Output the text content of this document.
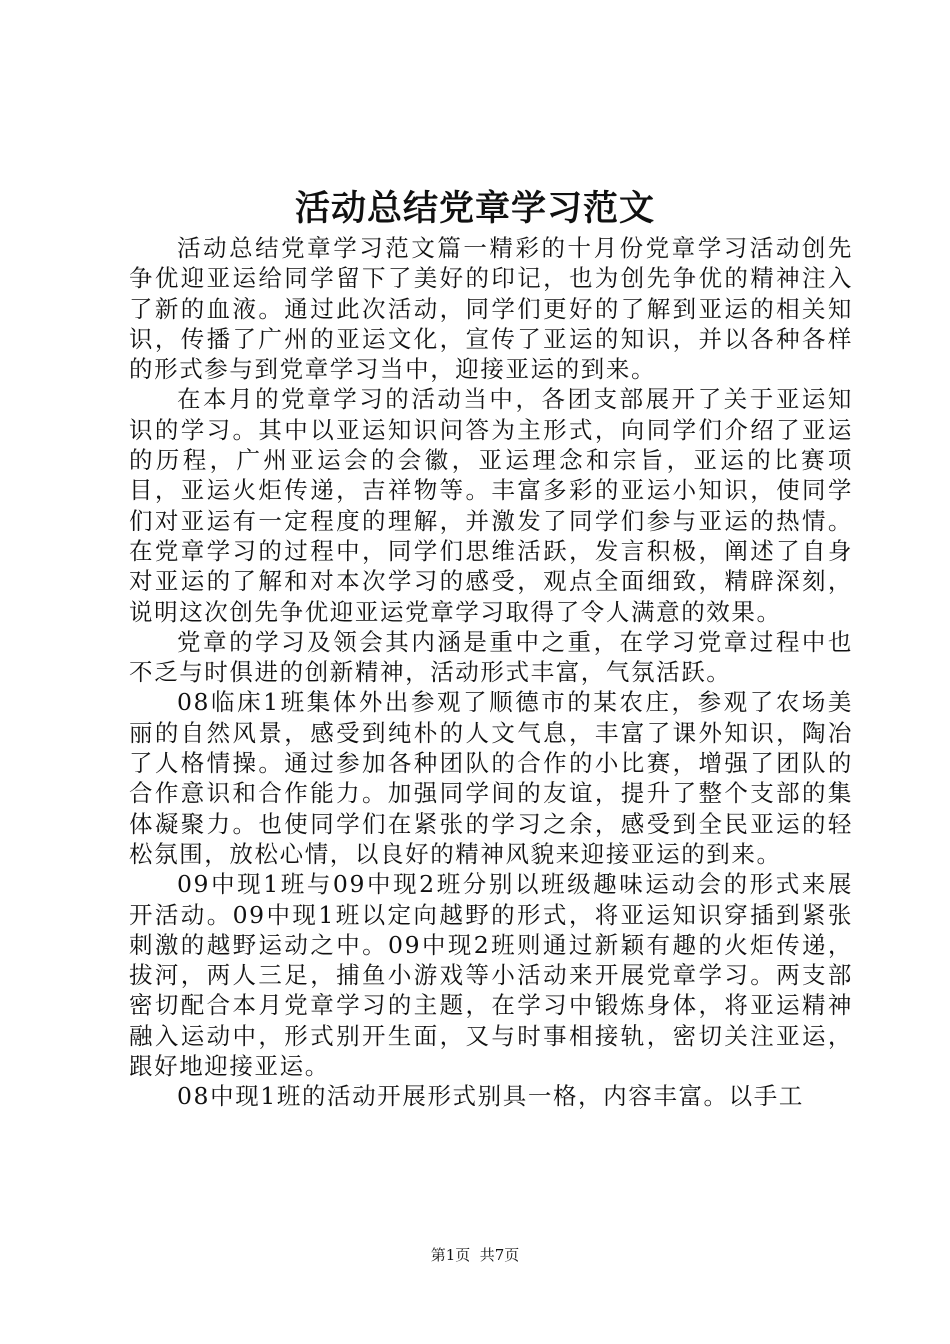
活动总结党章学习范文

活动总结党章学习范文篇一精彩的十月份党章学习活动创先争优迎亚运给同学留下了美好的印记，也为创先争优的精神注入了新的血液。通过此次活动，同学们更好的了解到亚运的相关知识，传播了广州的亚运文化，宣传了亚运的知识，并以各种各样的形式参与到党章学习当中，迎接亚运的到来。

在本月的党章学习的活动当中，各团支部展开了关于亚运知识的学习。其中以亚运知识问答为主形式，向同学们介绍了亚运的历程，广州亚运会的会徽，亚运理念和宗旨，亚运的比赛项目，亚运火炬传递，吉祥物等。丰富多彩的亚运小知识，使同学们对亚运有一定程度的理解，并激发了同学们参与亚运的热情。在党章学习的过程中，同学们思维活跃，发言积极，阐述了自身对亚运的了解和对本次学习的感受，观点全面细致，精辟深刻，说明这次创先争优迎亚运党章学习取得了令人满意的效果。

党章的学习及领会其内涵是重中之重，在学习党章过程中也不乏与时俱进的创新精神，活动形式丰富，气氛活跃。

08临床1班集体外出参观了顺德市的某农庄，参观了农场美丽的自然风景，感受到纯朴的人文气息，丰富了课外知识，陶冶了人格情操。通过参加各种团队的合作的小比赛，增强了团队的合作意识和合作能力。加强同学间的友谊，提升了整个支部的集体凝聚力。也使同学们在紧张的学习之余，感受到全民亚运的轻松氛围，放松心情，以良好的精神风貌来迎接亚运的到来。

09中现1班与09中现2班分别以班级趣味运动会的形式来展开活动。09中现1班以定向越野的形式，将亚运知识穿插到紧张刺激的越野运动之中。09中现2班则通过新颖有趣的火炬传递，拔河，两人三足，捕鱼小游戏等小活动来开展党章学习。两支部密切配合本月党章学习的主题，在学习中锻炼身体，将亚运精神融入运动中，形式别开生面，又与时事相接轨，密切关注亚运，跟好地迎接亚运。

08中现1班的活动开展形式别具一格，内容丰富。以手工

第1页  共7页
